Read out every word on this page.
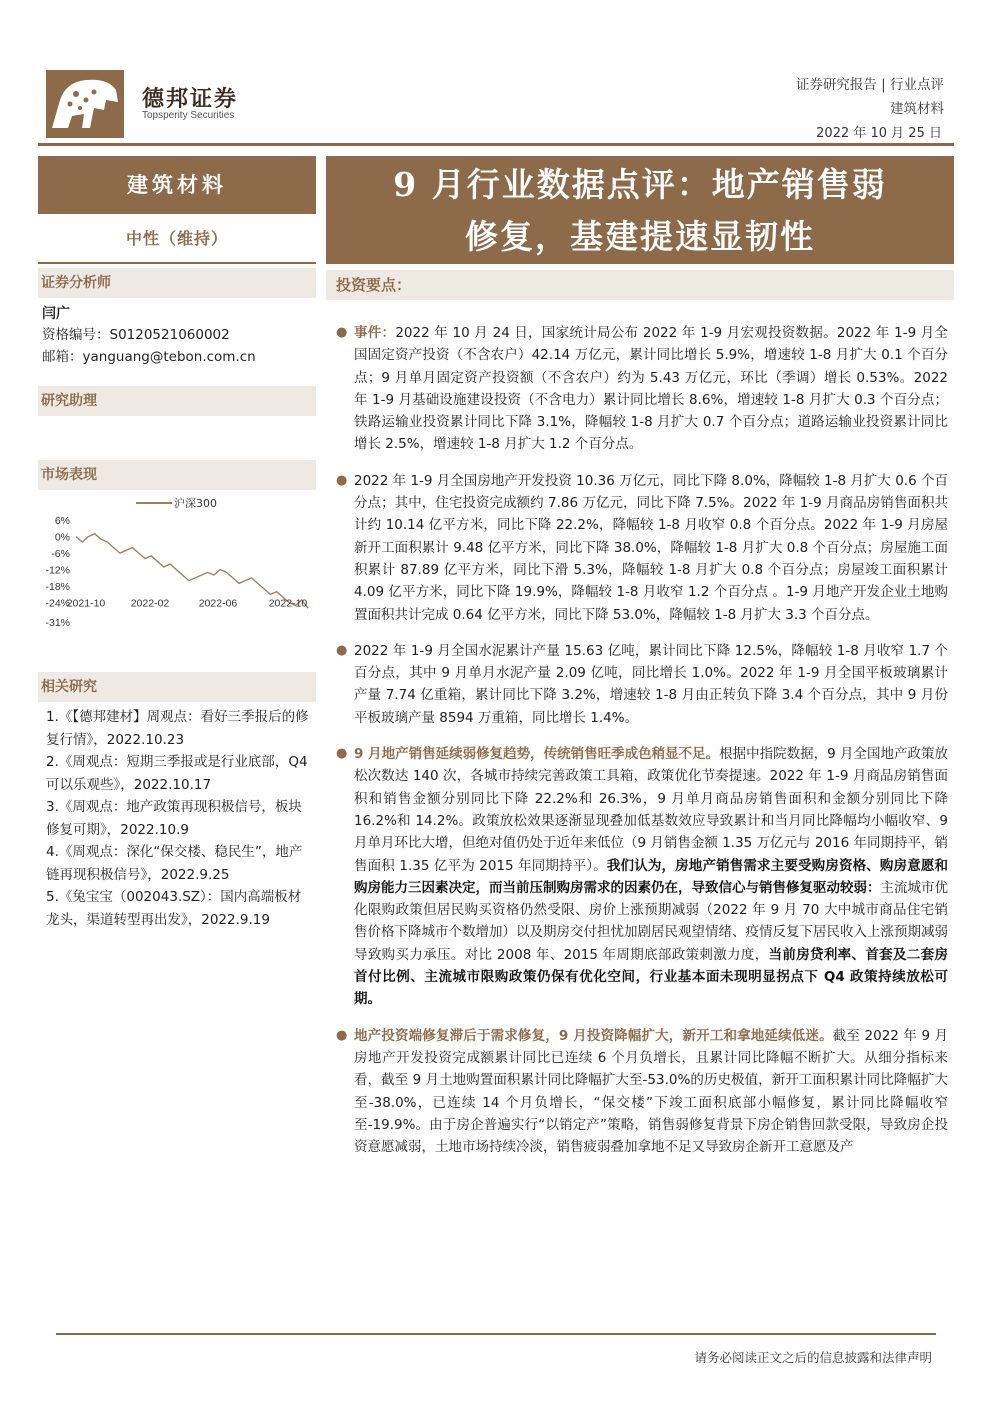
德邦证券
Topsperity Securities
证券研究报告 | 行业点评
建筑材料
2022 年 10 月 25 日
建筑材料
中性（维持）
证券分析师
闫广
资格编号：S0120521060002
邮箱：yanguang@tebon.com.cn
研究助理
市场表现
沪深300
6%
0%
-6%
-12%
-18%
-24%
-31%
2021-10 2022-02	2022-06	2022-10
相关研究

1.《【德邦建材】周观点：看好三季报后的修复行情》，2022.10.23

2.《周观点：短期三季报或是行业底部，Q4 可以乐观些》，2022.10.17

3.《周观点：地产政策再现积极信号，板块修复可期》，2022.10.9

4.《周观点：深化“保交楼、稳民生”，地产链再现积极信号》，2022.9.25

5.《兔宝宝（002043.SZ）：国内高端板材龙头，渠道转型再出发》，2022.9.19

9 月行业数据点评：地产销售弱
修复，基建提速显韧性
投资要点：
● 事件：2022 年 10 月 24 日，国家统计局公布 2022 年 1-9 月宏观投资数据。2022 年 1-9 月全国固定资产投资（不含农户）42.14 万亿元，累计同比增长 5.9%，增速较 1-8 月扩大 0.1 个百分点；9 月单月固定资产投资额（不含农户）约为 5.43 万亿元，环比（季调）增长 0.53%。2022 年 1-9 月基础设施建设投资（不含电力）累计同比增长 8.6%，增速较 1-8 月扩大 0.3 个百分点；铁路运输业投资累计同比下降 3.1%，降幅较 1-8 月扩大 0.7 个百分点；道路运输业投资累计同比增长 2.5%，增速较 1-8 月扩大 1.2 个百分点。
● 2022 年 1-9 月全国房地产开发投资 10.36 万亿元，同比下降 8.0%，降幅较 1-8 月扩大 0.6 个百分点；其中，住宅投资完成额约 7.86 万亿元，同比下降 7.5%。2022 年 1-9 月商品房销售面积共计约 10.14 亿平方米，同比下降 22.2%，降幅较 1-8 月收窄 0.8 个百分点。2022 年 1-9 月房屋新开工面积累计 9.48 亿平方米，同比下降 38.0%，降幅较 1-8 月扩大 0.8 个百分点；房屋施工面积累计 87.89 亿平方米，同比下滑 5.3%，降幅较 1-8 月扩大 0.8 个百分点；房屋竣工面积累计 4.09 亿平方米，同比下降 19.9%，降幅较 1-8 月收窄 1.2 个百分点 。1-9 月地产开发企业土地购置面积共计完成 0.64 亿平方米，同比下降 53.0%，降幅较 1-8 月扩大 3.3 个百分点。
● 2022 年 1-9 月全国水泥累计产量 15.63 亿吨，累计同比下降 12.5%，降幅较 1-8 月收窄 1.7 个百分点，其中 9 月单月水泥产量 2.09 亿吨，同比增长 1.0%。2022 年 1-9 月全国平板玻璃累计产量 7.74 亿重箱，累计同比下降 3.2%，增速较 1-8 月由正转负下降 3.4 个百分点，其中 9 月份平板玻璃产量 8594 万重箱，同比增长 1.4%。
● 9 月地产销售延续弱修复趋势，传统销售旺季成色稍显不足。根据中指院数据，9 月全国地产政策放松次数达 140 次，各城市持续完善政策工具箱，政策优化节奏提速。2022 年 1-9 月商品房销售面积和销售金额分别同比下降 22.2%和 26.3%，9 月单月商品房销售面积和金额分别同比下降 16.2%和 14.2%。政策放松效果逐渐显现叠加低基数效应导致累计和当月同比降幅均小幅收窄、9 月单月环比大增，但绝对值仍处于近年来低位（9 月销售金额 1.35 万亿元与 2016 年同期持平，销售面积 1.35 亿平为 2015 年同期持平）。我们认为，房地产销售需求主要受购房资格、购房意愿和购房能力三因素决定，而当前压制购房需求的因素仍在，导致信心与销售修复驱动较弱：主流城市优化限购政策但居民购买资格仍然受限、房价上涨预期减弱（2022 年 9 月 70 大中城市商品住宅销售价格下降城市个数增加）以及期房交付担忧加剧居民观望情绪、疫情反复下居民收入上涨预期减弱导致购买力承压。对比 2008 年、2015 年周期底部政策刺激力度，当前房贷利率、首套及二套房首付比例、主流城市限购政策仍保有优化空间，行业基本面未现明显拐点下 Q4 政策持续放松可期。
● 地产投资端修复滞后于需求修复，9 月投资降幅扩大，新开工和拿地延续低迷。截至 2022 年 9 月房地产开发投资完成额累计同比已连续 6 个月负增长，且累计同比降幅不断扩大。从细分指标来看，截至 9 月土地购置面积累计同比降幅扩大至-53.0%的历史极值，新开工面积累计同比降幅扩大至-38.0%，已连续 14 个月负增长，“保交楼”下竣工面积底部小幅修复，累计同比降幅收窄至-19.9%。由于房企普遍实行“以销定产”策略，销售弱修复背景下房企销售回款受限，导致房企投资意愿减弱，土地市场持续冷淡，销售疲弱叠加拿地不足又导致房企新开工意愿及产
请务必阅读正文之后的信息披露和法律声明
